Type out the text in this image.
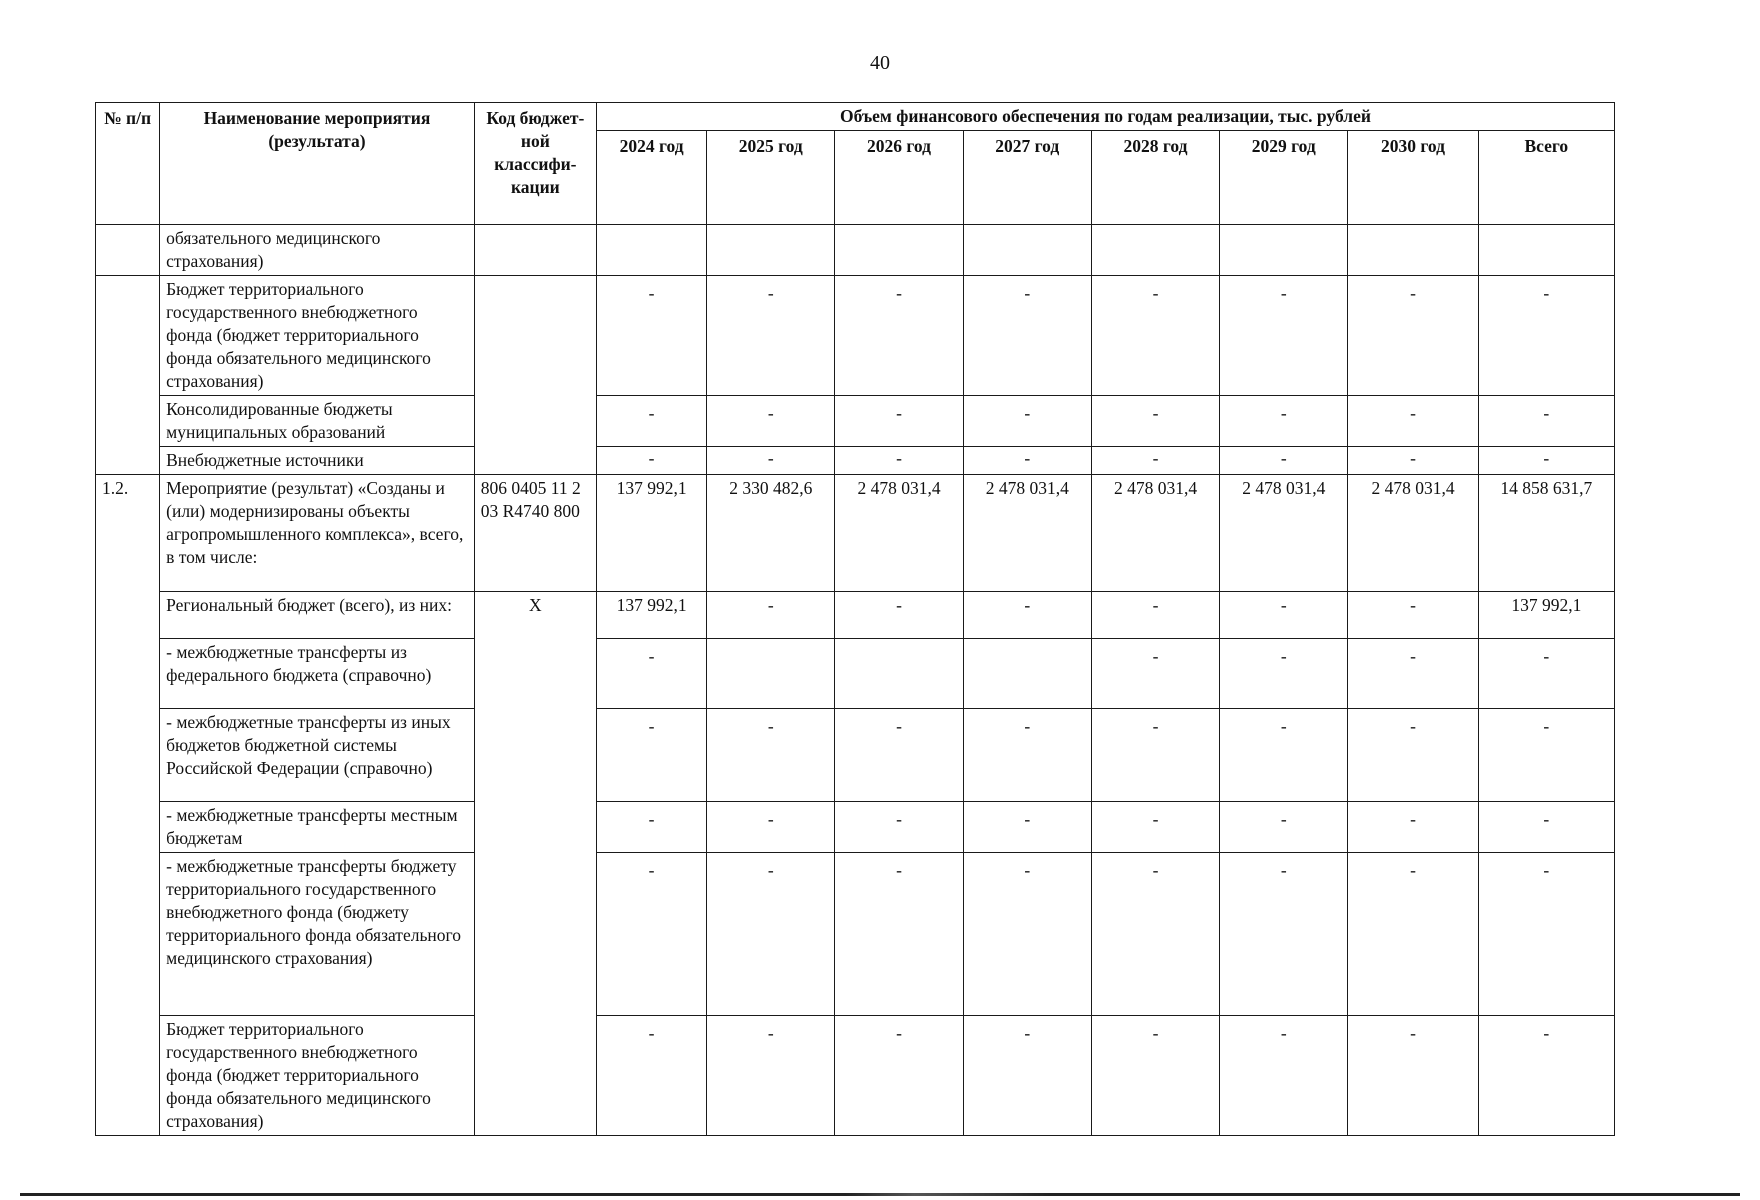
40
№ п/п	Наименование мероприятия (результата)	Код бюджет-ной классифи-кации	Объем финансового обеспечения по годам реализации, тыс. рублей							
			2024 год	2025 год	2026 год	2027 год	2028 год	2029 год	2030 год	Всего
	обязательного медицинского страхования)									
	Бюджет территориального государственного внебюджетного фонда (бюджет территориального фонда обязательного медицинского страхования)		-	-	-	-	-	-	-	-
	Консолидированные бюджеты муниципальных образований		-	-	-	-	-	-	-	-
	Внебюджетные источники		-	-	-	-	-	-	-	-
1.2.	Мероприятие (результат) «Созданы и (или) модернизированы объекты агропромышленного комплекса», всего, в том числе:	806 0405 11 2 03 R4740 800	137 992,1	2 330 482,6	2 478 031,4	2 478 031,4	2 478 031,4	2 478 031,4	2 478 031,4	14 858 631,7
	Региональный бюджет (всего), из них:	X	137 992,1	-	-	-	-	-	-	137 992,1
	- межбюджетные трансферты из федерального бюджета (справочно)		-				-	-	-	-
	- межбюджетные трансферты из иных бюджетов бюджетной системы Российской Федерации (справочно)		-	-	-	-	-	-	-	-
	- межбюджетные трансферты местным бюджетам		-	-	-	-	-	-	-	-
	- межбюджетные трансферты бюджету территориального государственного внебюджетного фонда (бюджету территориального фонда обязательного медицинского страхования)		-	-	-	-	-	-	-	-
	Бюджет территориального государственного внебюджетного фонда (бюджет территориального фонда обязательного медицинского страхования)		-	-	-	-	-	-	-	-
